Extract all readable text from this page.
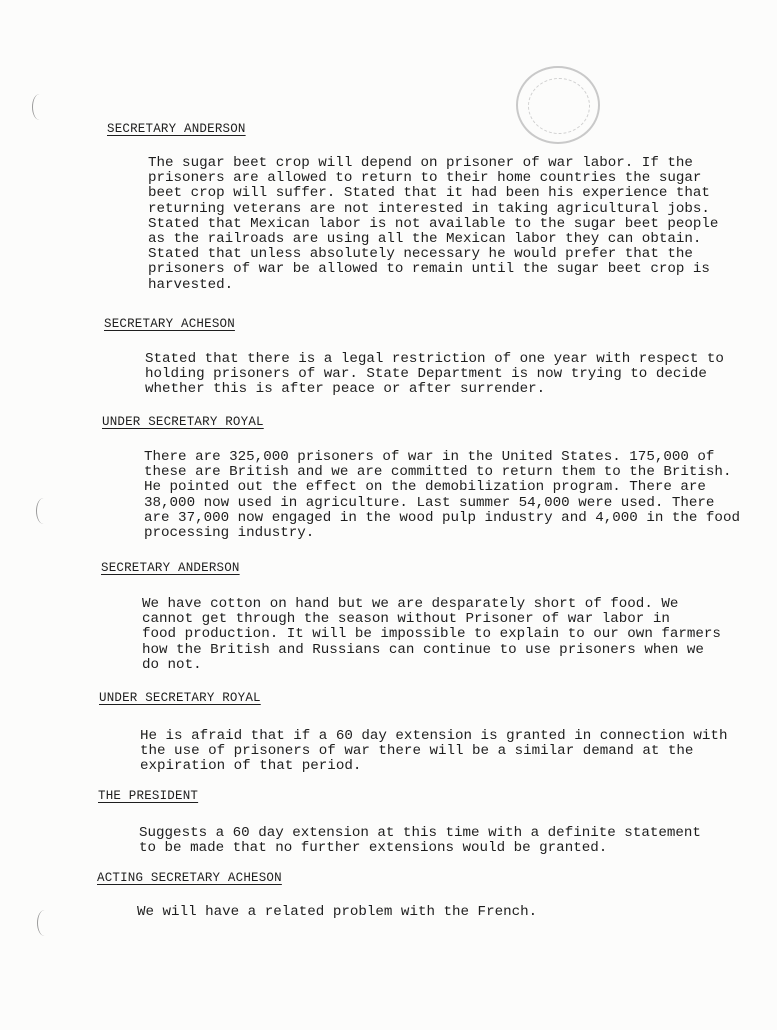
SECRETARY ANDERSON

The sugar beet crop will depend on prisoner of war labor. If the
prisoners are allowed to return to their home countries the sugar
beet crop will suffer. Stated that it had been his experience that
returning veterans are not interested in taking agricultural jobs.
Stated that Mexican labor is not available to the sugar beet people
as the railroads are using all the Mexican labor they can obtain.
Stated that unless absolutely necessary he would prefer that the
prisoners of war be allowed to remain until the sugar beet crop is
harvested.

SECRETARY ACHESON

Stated that there is a legal restriction of one year with respect to
holding prisoners of war. State Department is now trying to decide
whether this is after peace or after surrender.

UNDER SECRETARY ROYAL

There are 325,000 prisoners of war in the United States. 175,000 of
these are British and we are committed to return them to the British.
He pointed out the effect on the demobilization program. There are
38,000 now used in agriculture. Last summer 54,000 were used. There
are 37,000 now engaged in the wood pulp industry and 4,000 in the food
processing industry.

SECRETARY ANDERSON

We have cotton on hand but we are desparately short of food. We
cannot get through the season without Prisoner of war labor in
food production. It will be impossible to explain to our own farmers
how the British and Russians can continue to use prisoners when we
do not.

UNDER SECRETARY ROYAL

He is afraid that if a 60 day extension is granted in connection with
the use of prisoners of war there will be a similar demand at the
expiration of that period.

THE PRESIDENT

Suggests a 60 day extension at this time with a definite statement
to be made that no further extensions would be granted.

ACTING SECRETARY ACHESON

We will have a related problem with the French.
